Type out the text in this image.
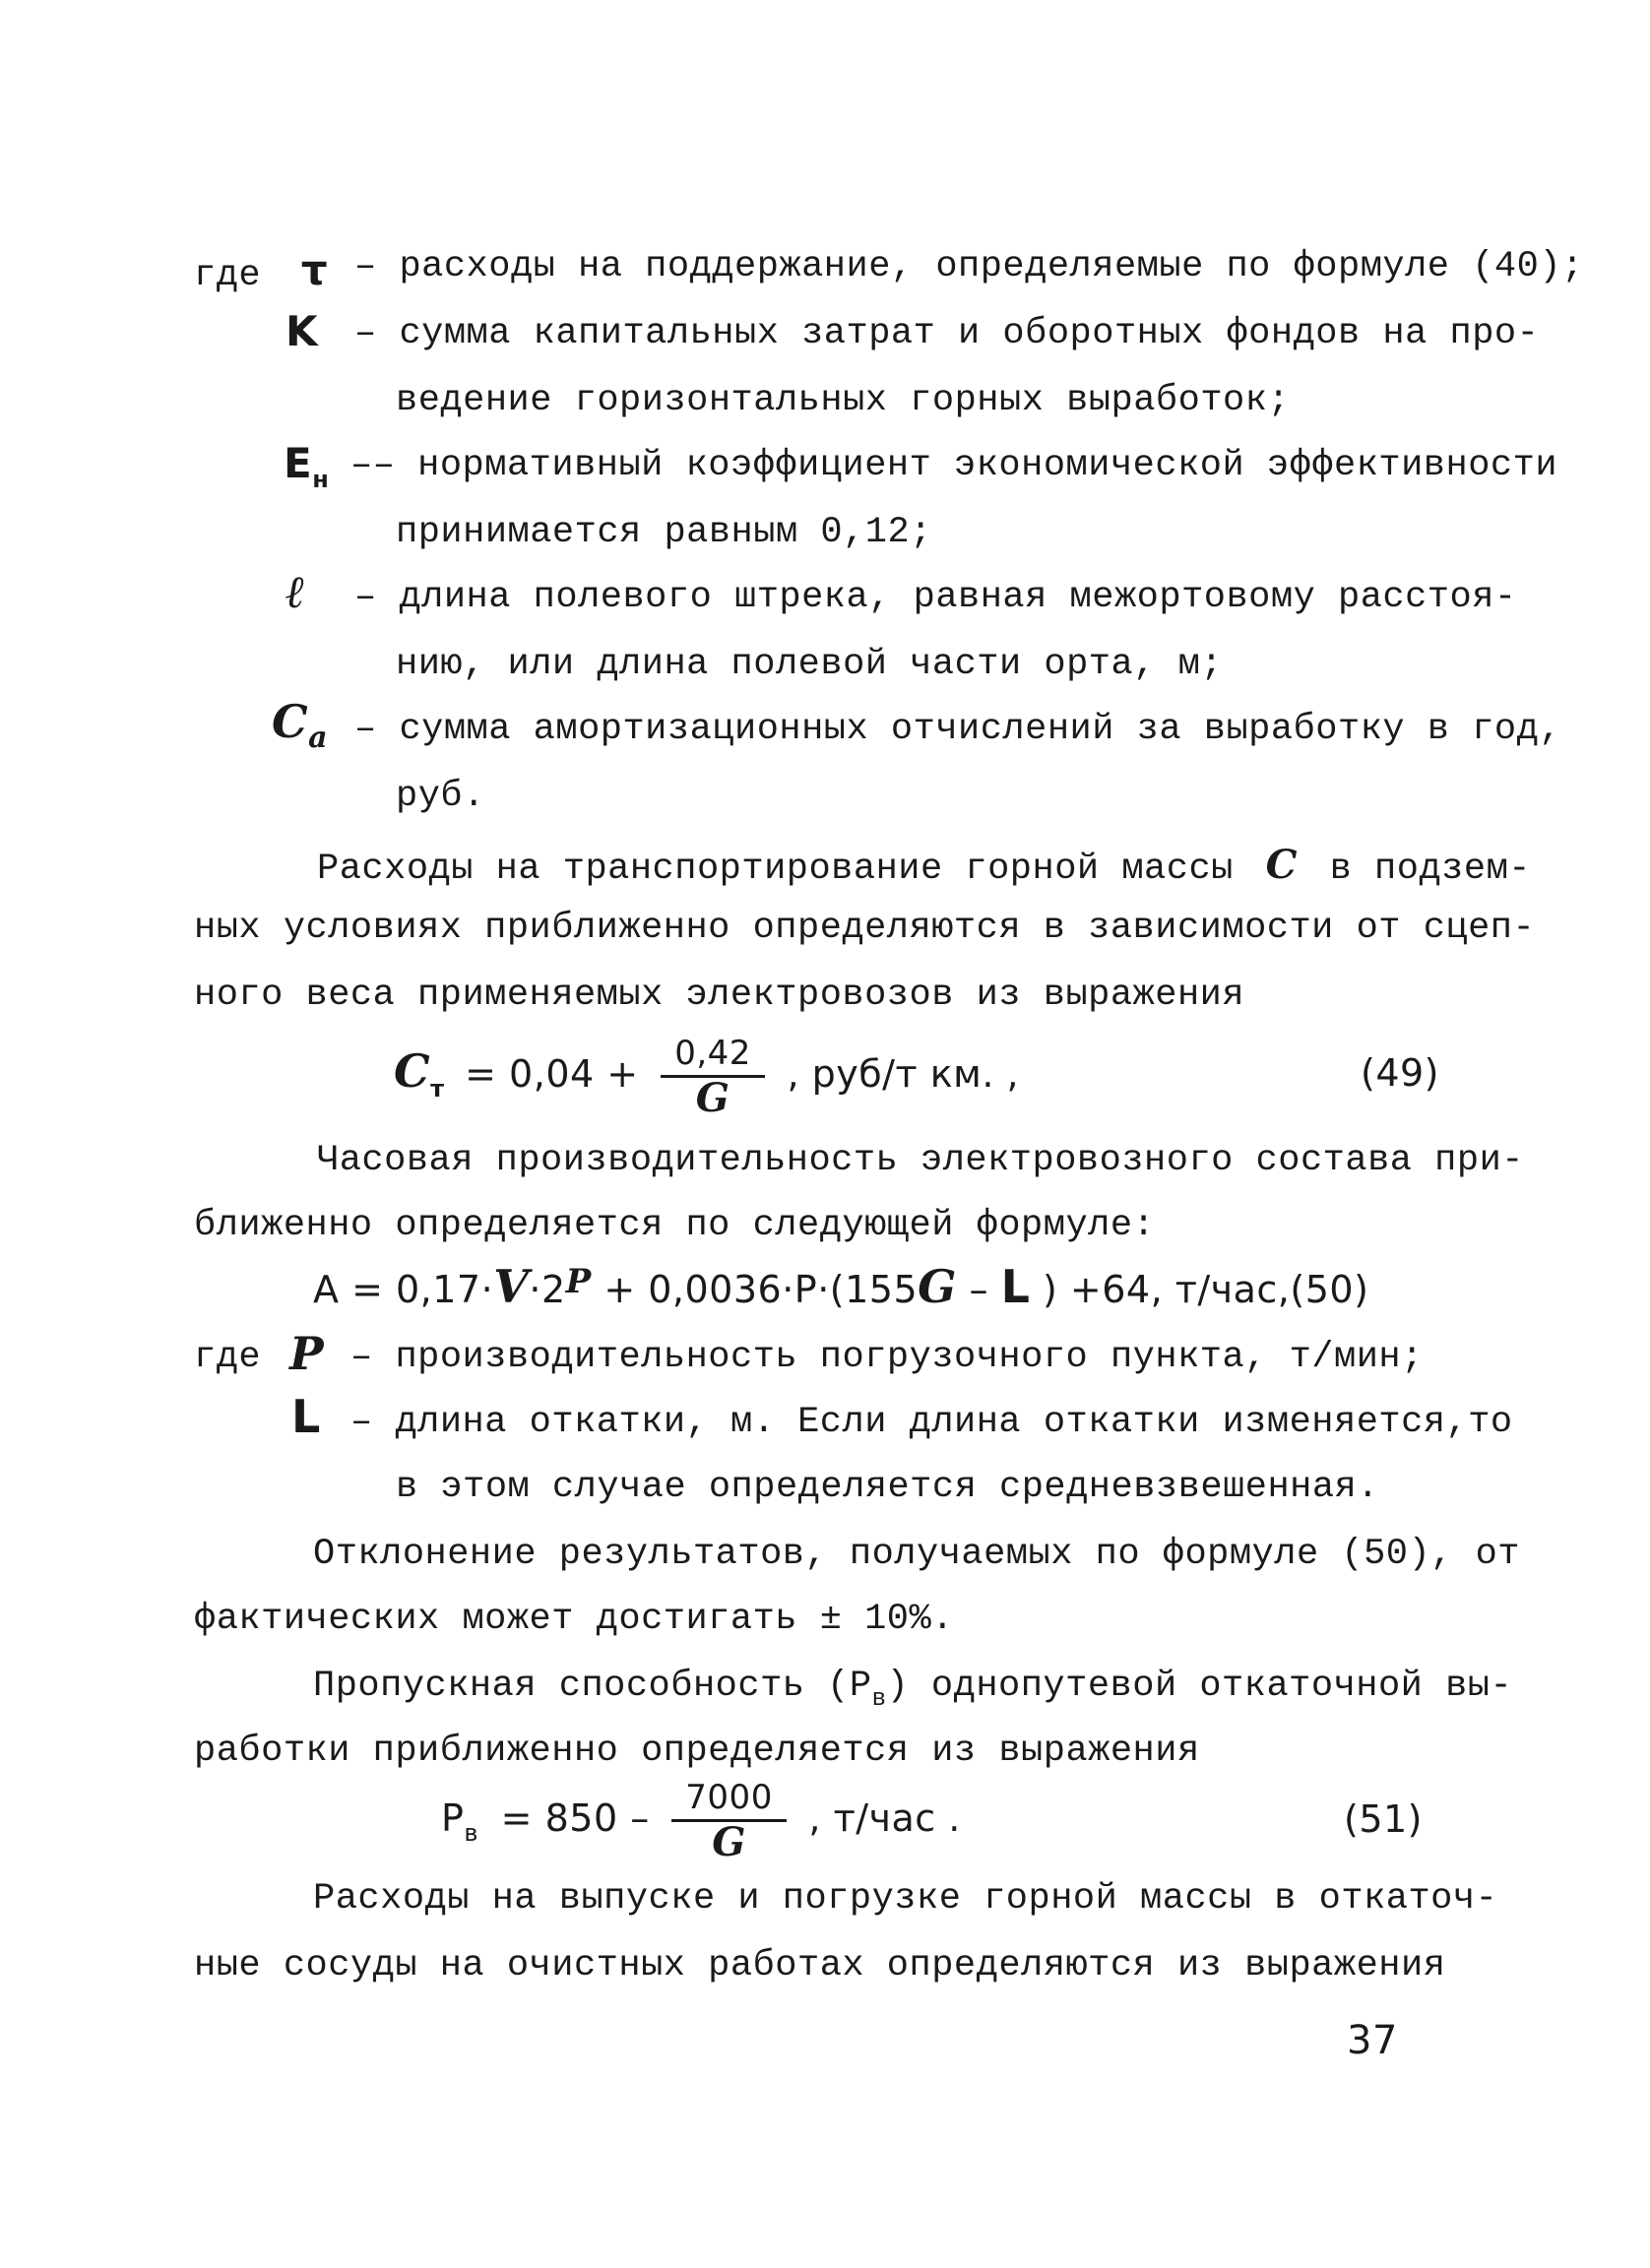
где τ – расходы на поддержание, определяемые по формуле (40);
K – сумма капитальных затрат и оборотных фондов на про-
ведение горизонтальных горных выработок;
$E_н$ –– нормативный коэффициент экономической эффективности
принимается равным 0,12;
ℓ – длина полевого штрека, равная межортовому расстоя-
нию, или длина полевой части орта, м;
$C_a$ – сумма амортизационных отчислений за выработку в год,
руб.
Расходы на транспортирование горной массы C в подзем-
ных условиях приближенно определяются в зависимости от сцеп-
ного веса применяемых электровозов из выражения
$C_т = 0,04 + \frac{0,42}{G}$ , руб/т км. ,	(49)
Часовая производительность электровозного состава при-
ближенно определяется по следующей формуле:
A = 0,17·V·2P + 0,0036·P·(155G – L ) +64, т/час,(50)
где P – производительность погрузочного пункта, т/мин;
L – длина откатки, м. Если длина откатки изменяется,то
в этом случае определяется средневзвешенная.
Отклонение результатов, получаемых по формуле (50), от
фактических может достигать ± 10%.
Пропускная способность $(P_в)$ однопутевой откаточной вы-
работки приближенно определяется из выражения
$P_в = 850 - \frac{7000}{G}$ , т/час .	(51)
Расходы на выпуске и погрузке горной массы в откаточ-
ные сосуды на очистных работах определяются из выражения
37
